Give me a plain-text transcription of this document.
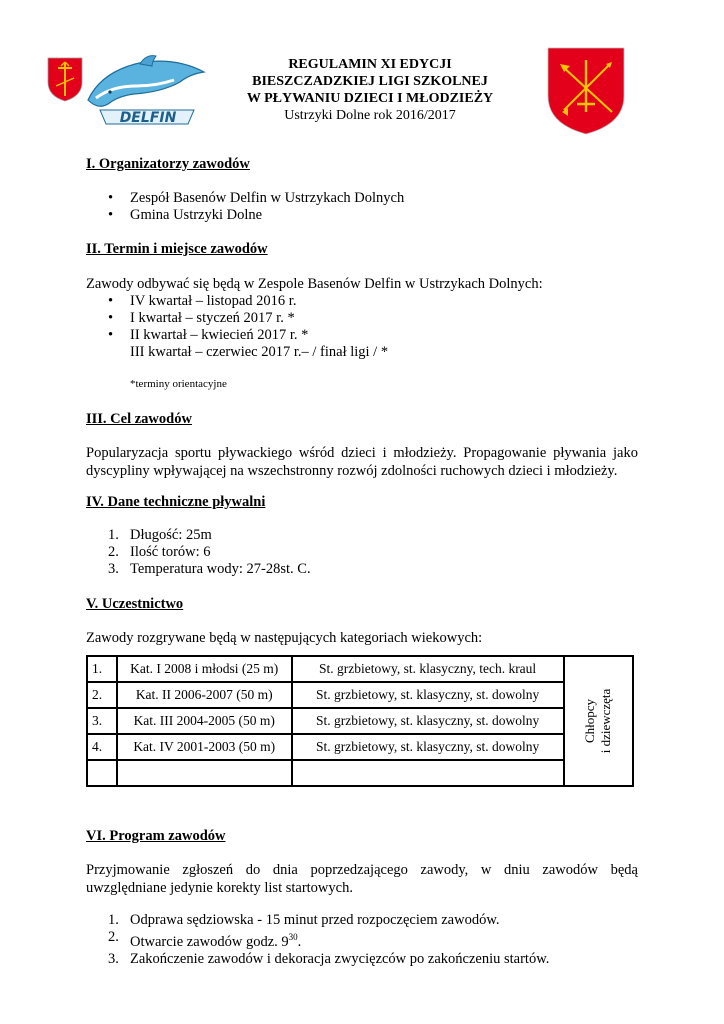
DELFIN
REGULAMIN XI EDYCJI
BIESZCZADZKIEJ LIGI SZKOLNEJ
W PŁYWANIU DZIECI I MŁODZIEŻY
Ustrzyki Dolne rok 2016/2017
I. Organizatorzy zawodów
• Zespół Basenów Delfin w Ustrzykach Dolnych
• Gmina Ustrzyki Dolne
II. Termin i miejsce zawodów
Zawody odbywać się będą w Zespole Basenów Delfin w Ustrzykach Dolnych:
• IV kwartał – listopad 2016 r.
• I kwartał – styczeń 2017 r. *
• II kwartał – kwiecień 2017 r. *
III kwartał – czerwiec 2017 r.– / finał ligi / *
*terminy orientacyjne
III. Cel zawodów
Popularyzacja sportu pływackiego wśród dzieci i młodzieży. Propagowanie pływania jako dyscypliny wpływającej na wszechstronny rozwój zdolności ruchowych dzieci i młodzieży.
IV. Dane techniczne pływalni
1. Długość: 25m
2. Ilość torów: 6
3. Temperatura wody: 27-28st. C.
V. Uczestnictwo
Zawody rozgrywane będą w następujących kategoriach wiekowych:
1.	Kat. I 2008 i młodsi (25 m)	St. grzbietowy, st. klasyczny, tech. kraul	Chłopcy i dziewczęta

2.	Kat. II 2006-2007 (50 m)	St. grzbietowy, st. klasyczny, st. dowolny	
3.	Kat. III 2004-2005 (50 m)	St. grzbietowy, st. klasyczny, st. dowolny	
4.	Kat. IV 2001-2003 (50 m)	St. grzbietowy, st. klasyczny, st. dowolny	

VI. Program zawodów
Przyjmowanie zgłoszeń do dnia poprzedzającego zawody, w dniu zawodów będą uwzględniane jedynie korekty list startowych.
1. Odprawa sędziowska - 15 minut przed rozpoczęciem zawodów.
2. Otwarcie zawodów godz. $9^{30}$.
3. Zakończenie zawodów i dekoracja zwycięzców po zakończeniu startów.
